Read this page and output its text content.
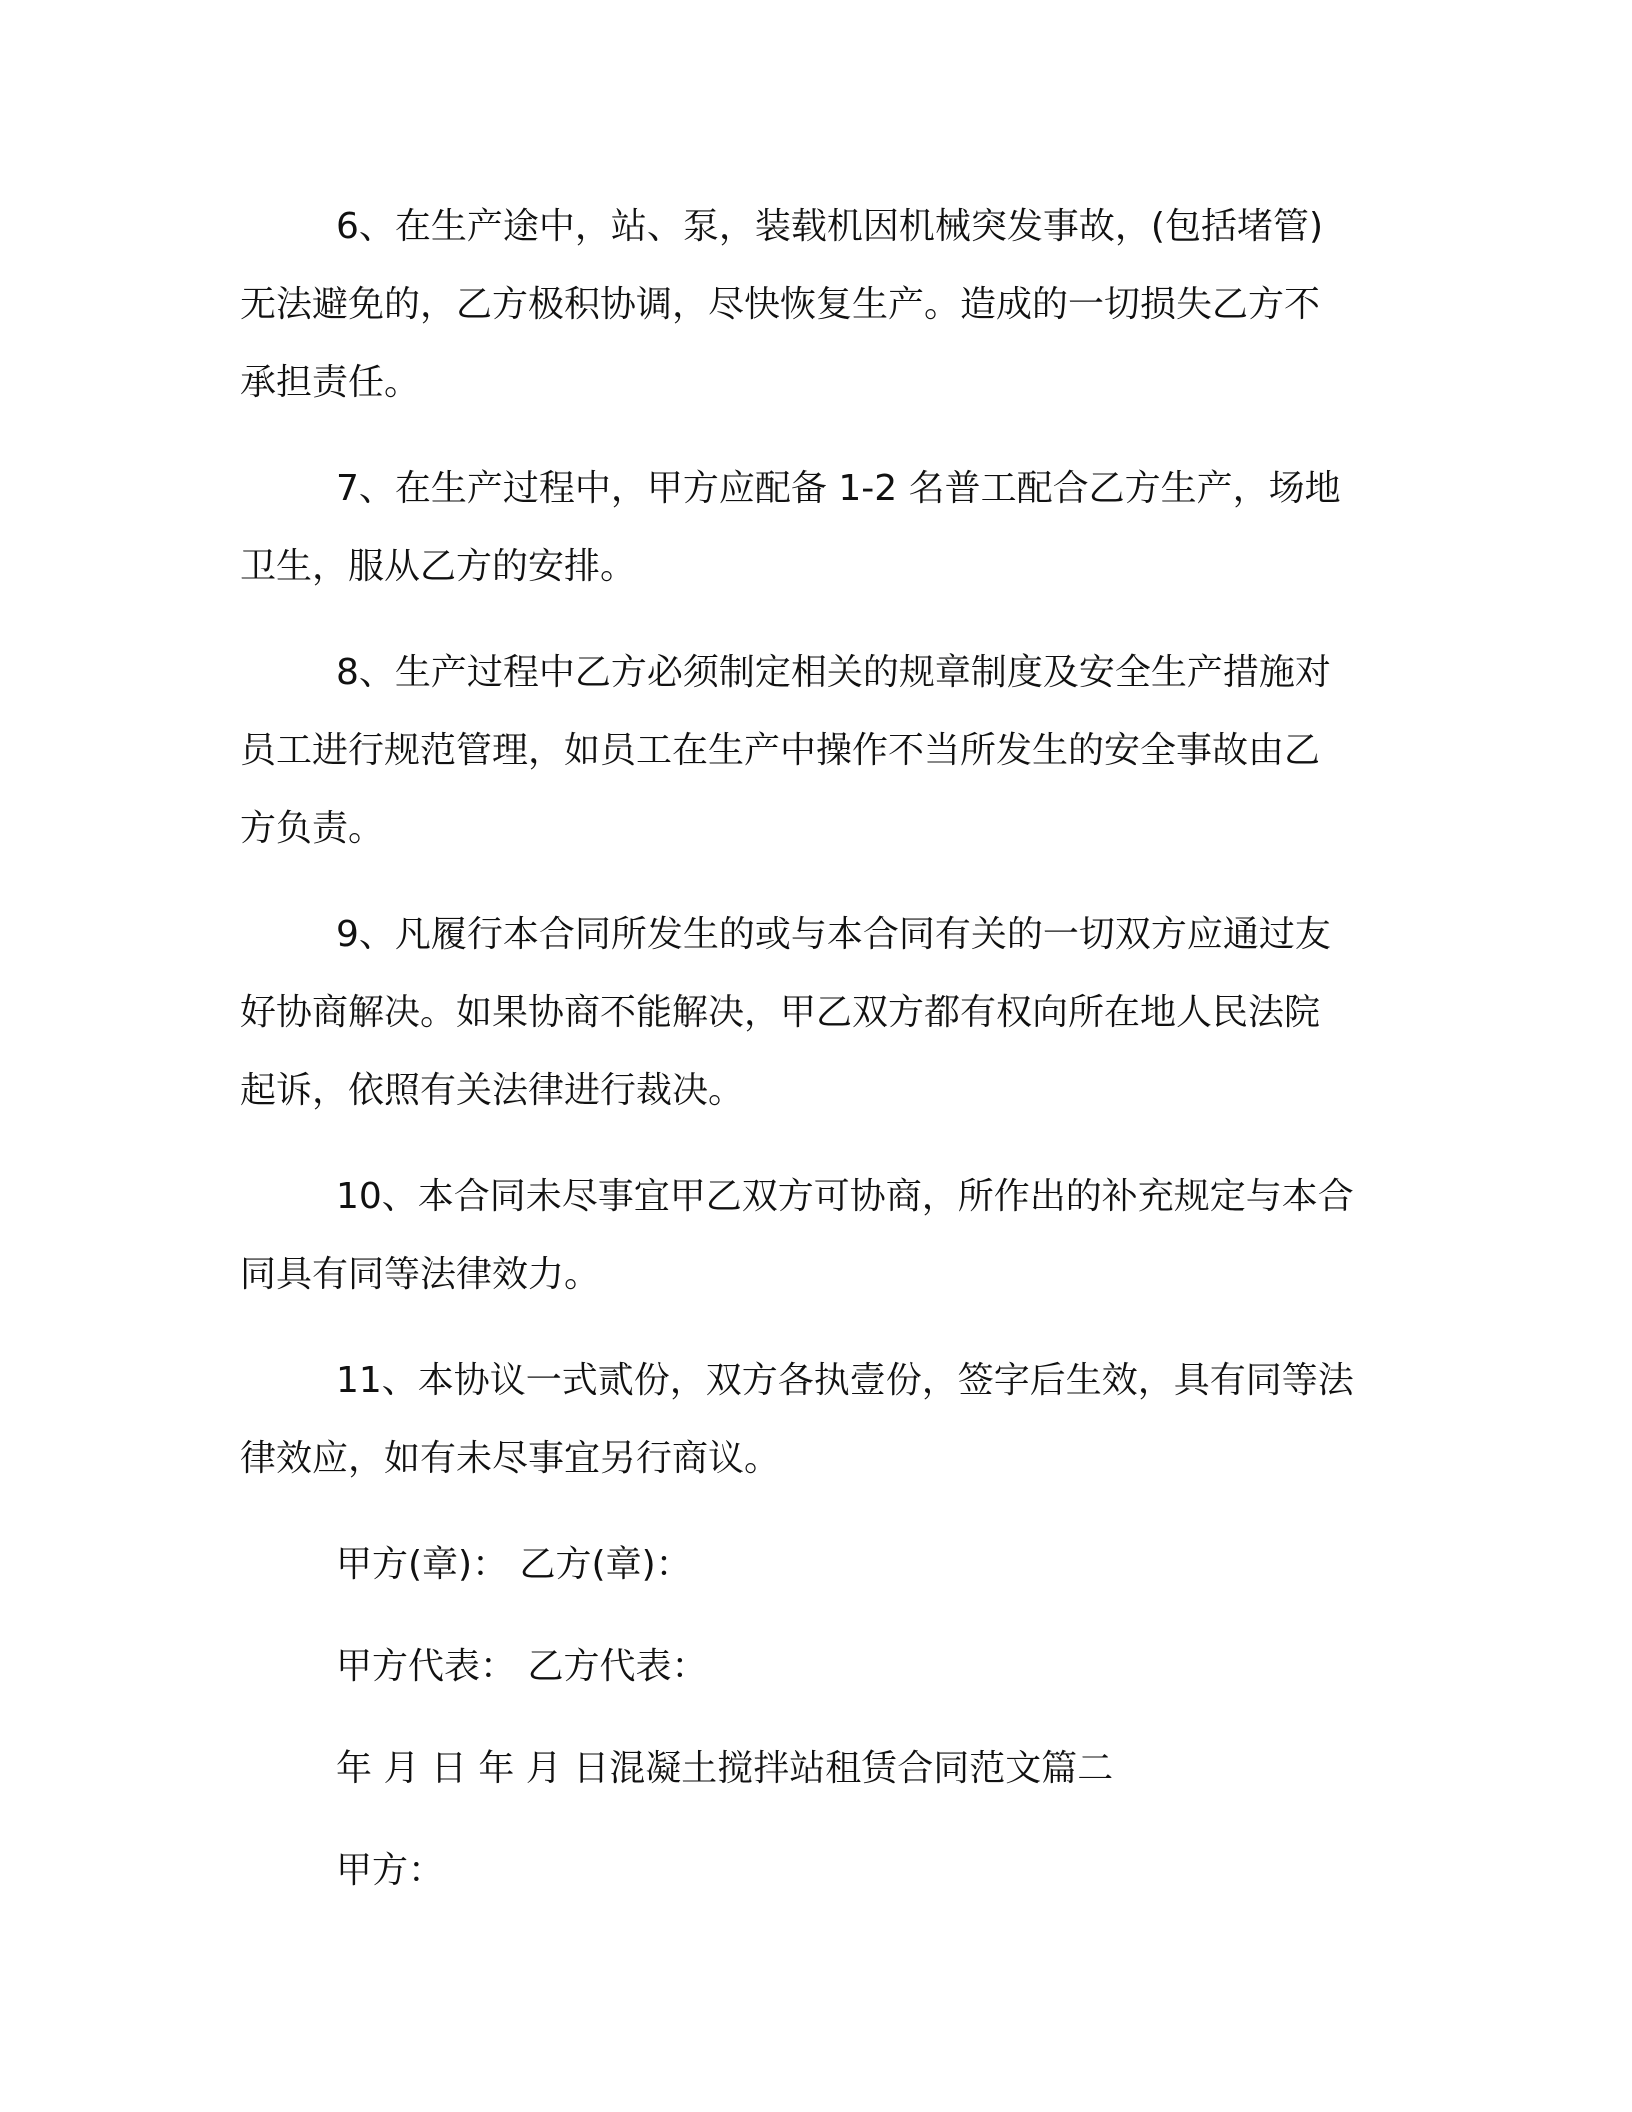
6、在生产途中，站、泵，装载机因机械突发事故，(包括堵管)
无法避免的，乙方极积协调，尽快恢复生产。造成的一切损失乙方不
承担责任。

7、在生产过程中，甲方应配备 1-2 名普工配合乙方生产，场地
卫生，服从乙方的安排。

8、生产过程中乙方必须制定相关的规章制度及安全生产措施对
员工进行规范管理，如员工在生产中操作不当所发生的安全事故由乙
方负责。

9、凡履行本合同所发生的或与本合同有关的一切双方应通过友
好协商解决。如果协商不能解决，甲乙双方都有权向所在地人民法院
起诉，依照有关法律进行裁决。

10、本合同未尽事宜甲乙双方可协商，所作出的补充规定与本合
同具有同等法律效力。

11、本协议一式贰份，双方各执壹份，签字后生效，具有同等法
律效应，如有未尽事宜另行商议。

甲方(章)： 乙方(章)：

甲方代表： 乙方代表：

年 月 日 年 月 日混凝土搅拌站租赁合同范文篇二

甲方：
